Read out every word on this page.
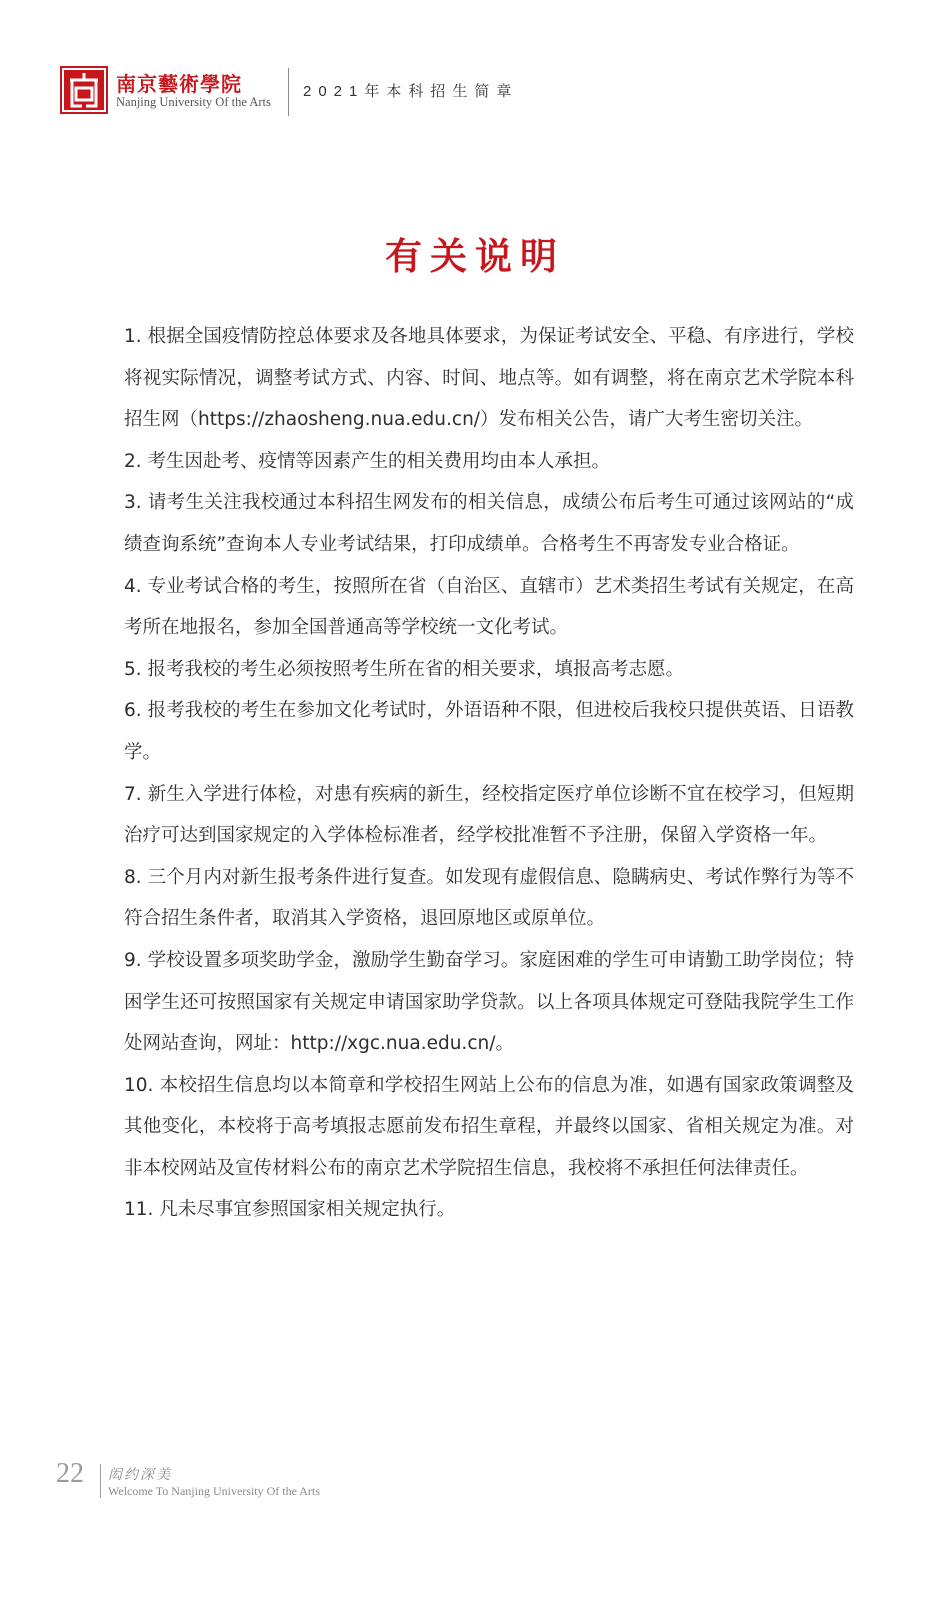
南京藝術學院
Nanjing University Of the Arts
2021年本科招生简章
有关说明

1. 根据全国疫情防控总体要求及各地具体要求，为保证考试安全、平稳、有序进行，学校将视实际情况，调整考试方式、内容、时间、地点等。如有调整，将在南京艺术学院本科招生网（https://zhaosheng.nua.edu.cn/）发布相关公告，请广大考生密切关注。

2. 考生因赴考、疫情等因素产生的相关费用均由本人承担。

3. 请考生关注我校通过本科招生网发布的相关信息，成绩公布后考生可通过该网站的“成绩查询系统”查询本人专业考试结果，打印成绩单。合格考生不再寄发专业合格证。

4. 专业考试合格的考生，按照所在省（自治区、直辖市）艺术类招生考试有关规定，在高考所在地报名，参加全国普通高等学校统一文化考试。

5. 报考我校的考生必须按照考生所在省的相关要求，填报高考志愿。

6. 报考我校的考生在参加文化考试时，外语语种不限，但进校后我校只提供英语、日语教学。

7. 新生入学进行体检，对患有疾病的新生，经校指定医疗单位诊断不宜在校学习，但短期治疗可达到国家规定的入学体检标准者，经学校批准暂不予注册，保留入学资格一年。

8. 三个月内对新生报考条件进行复查。如发现有虚假信息、隐瞒病史、考试作弊行为等不符合招生条件者，取消其入学资格，退回原地区或原单位。

9. 学校设置多项奖助学金，激励学生勤奋学习。家庭困难的学生可申请勤工助学岗位；特困学生还可按照国家有关规定申请国家助学贷款。以上各项具体规定可登陆我院学生工作处网站查询，网址：http://xgc.nua.edu.cn/。

10. 本校招生信息均以本简章和学校招生网站上公布的信息为准，如遇有国家政策调整及其他变化，本校将于高考填报志愿前发布招生章程，并最终以国家、省相关规定为准。对非本校网站及宣传材料公布的南京艺术学院招生信息，我校将不承担任何法律责任。

11. 凡未尽事宜参照国家相关规定执行。

22 闳约深美
Welcome To Nanjing University Of the Arts
